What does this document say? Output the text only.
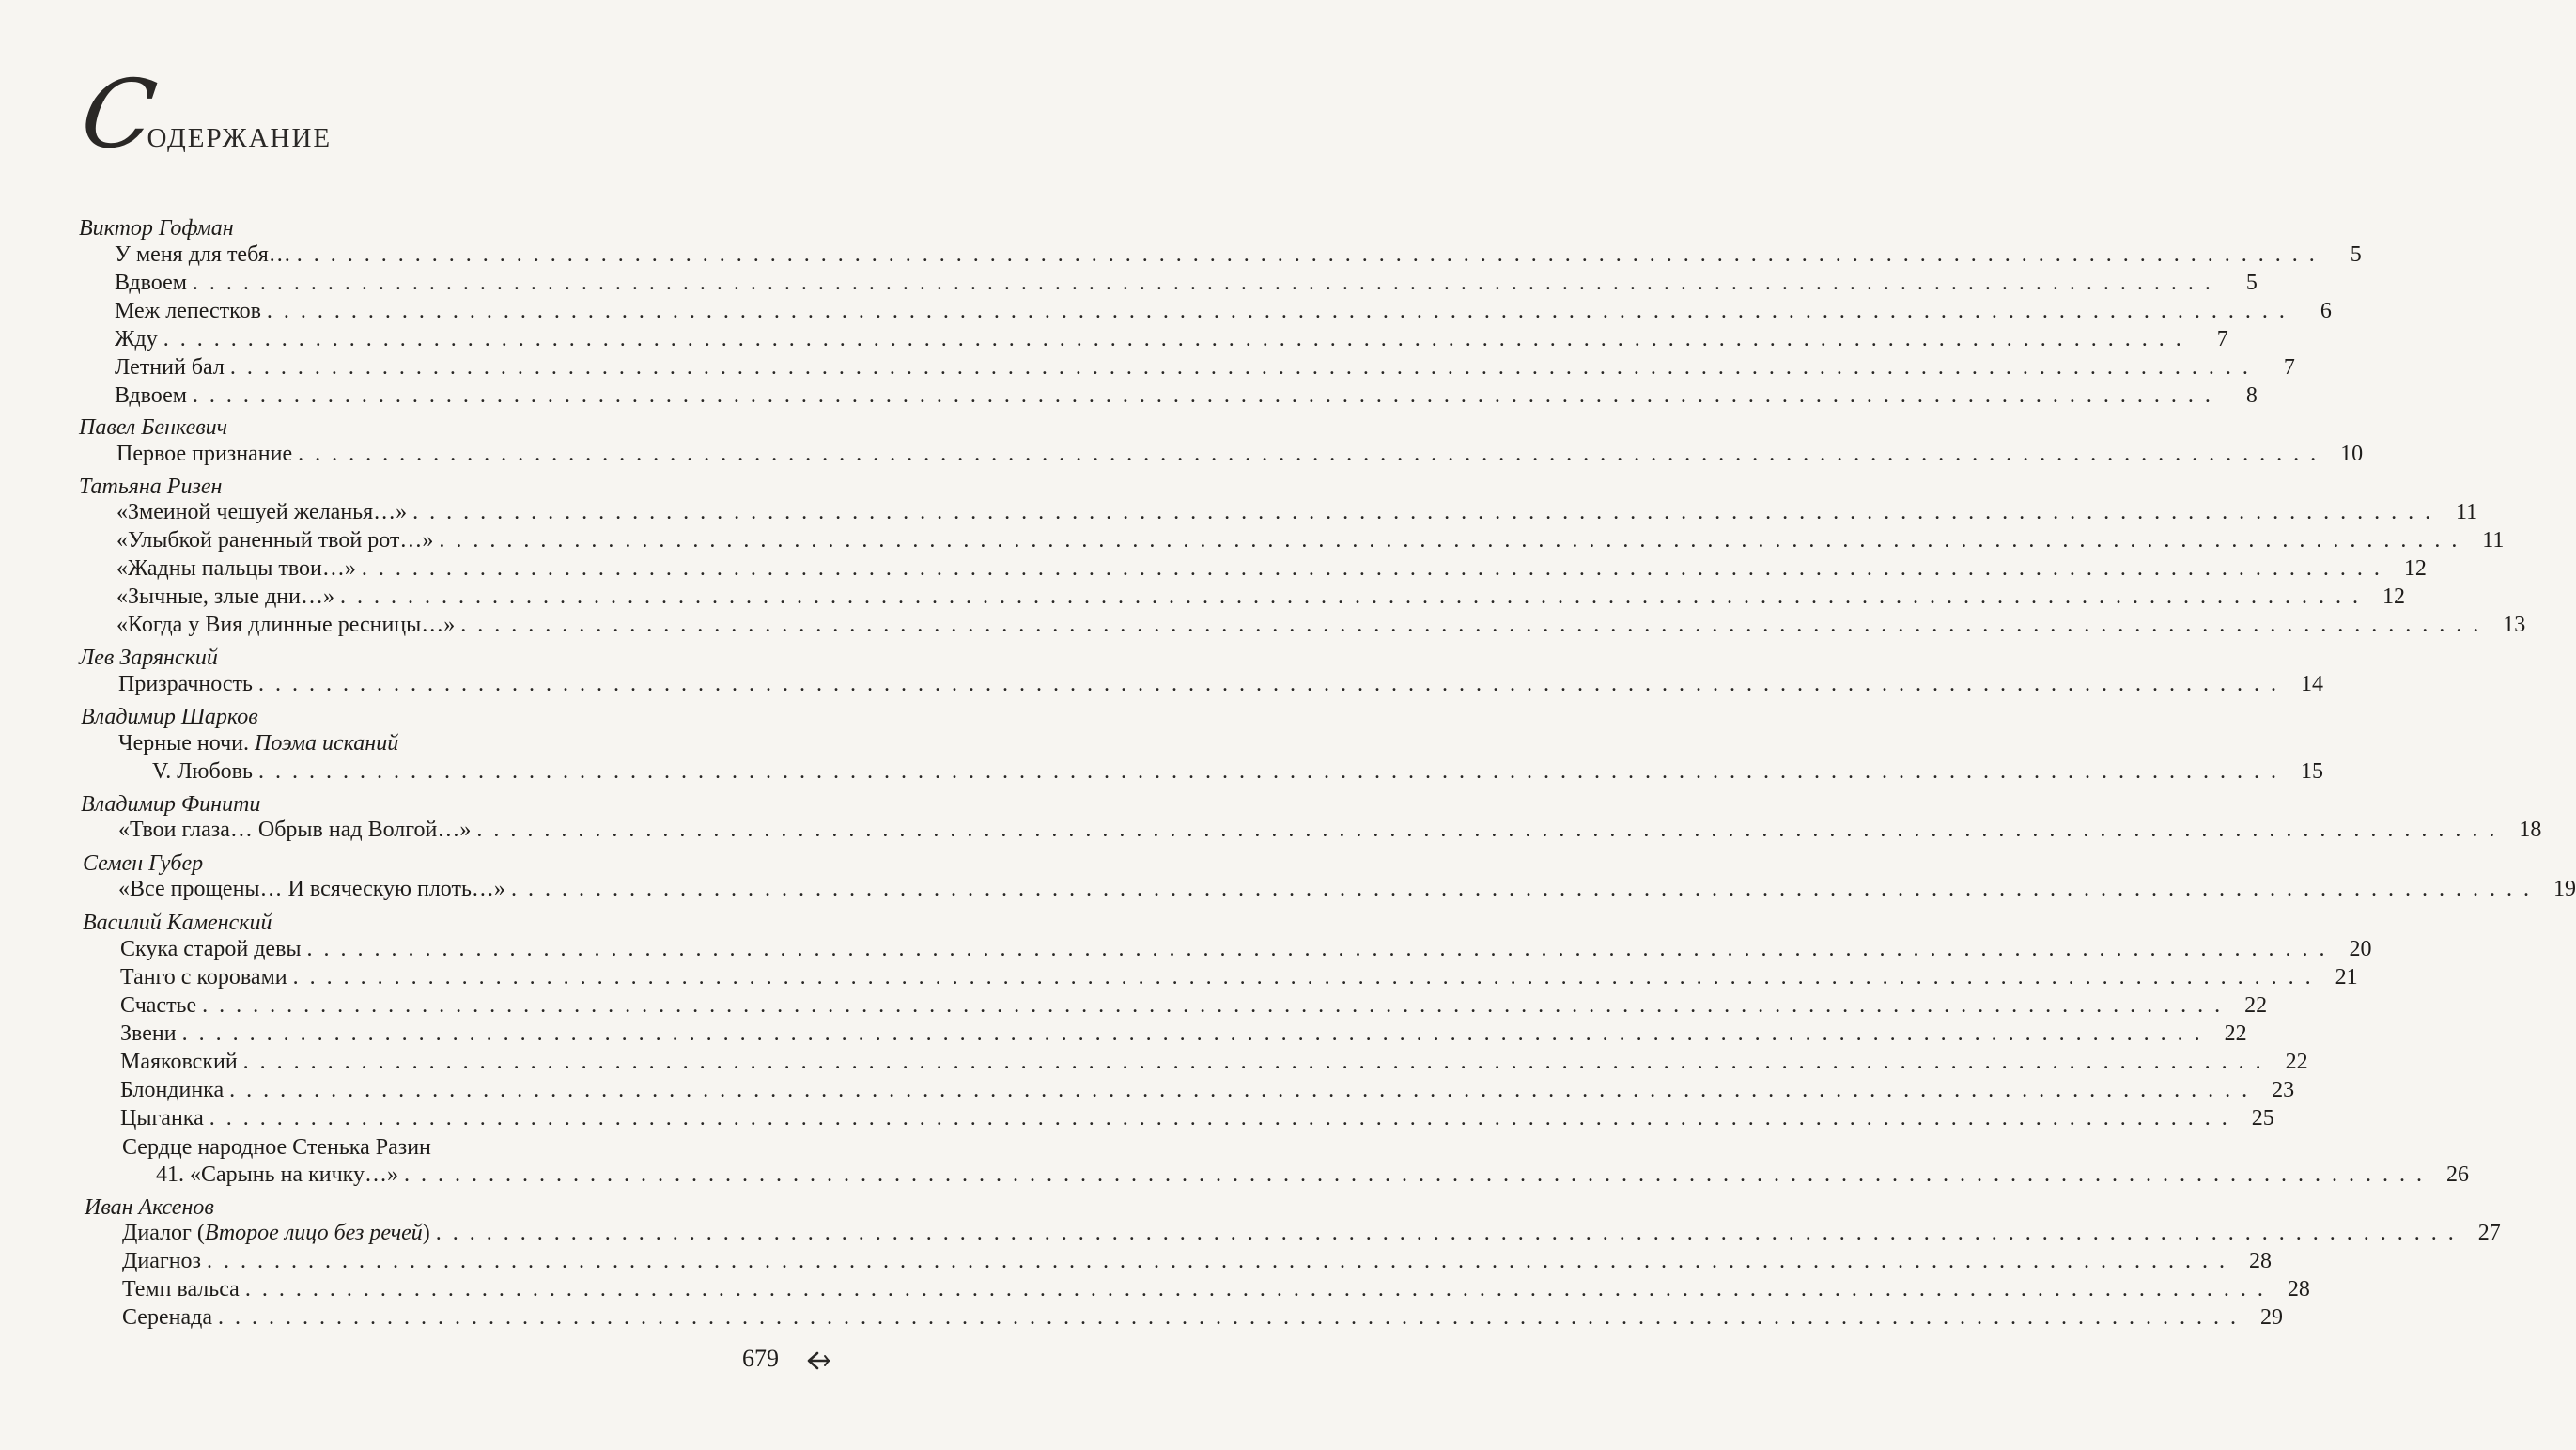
Содержание
Виктор Гофман
У меня для тебя… ........................................................................................................................	5
Вдвоем ........................................................................................................................	5
Меж лепестков ........................................................................................................................	6
Жду ........................................................................................................................	7
Летний бал ........................................................................................................................	7
Вдвоем ........................................................................................................................	8
Павел Бенкевич
Первое признание ........................................................................................................................ 10
Татьяна Ризен
«Змеиной чешуей желанья…» ........................................................................................................................ 11
«Улыбкой раненный твой рот…» ........................................................................................................................ 11
«Жадны пальцы твои…» ........................................................................................................................ 12
«Зычные, злые дни…» ........................................................................................................................ 12
«Когда у Вия длинные ресницы…» ........................................................................................................................ 13
Лев Зарянский
Призрачность ........................................................................................................................ 14
Владимир Шарков
Черные ночи. Поэма исканий
V. Любовь ........................................................................................................................ 15
Владимир Финити
«Твои глаза… Обрыв над Волгой…» ........................................................................................................................ 18
Семен Губер
«Все прощены… И всяческую плоть…» ........................................................................................................................ 19
Василий Каменский
Скука старой девы ........................................................................................................................ 20
Танго с коровами ........................................................................................................................ 21
Счастье ........................................................................................................................ 22
Звени ........................................................................................................................ 22
Маяковский ........................................................................................................................ 22
Блондинка ........................................................................................................................ 23
Цыганка ........................................................................................................................ 25
Сердце народное Стенька Разин
41. «Сарынь на кичку…» ........................................................................................................................ 26
Иван Аксенов
Диалог (Второе лицо без речей) ........................................................................................................................ 27
Диагноз ........................................................................................................................ 28
Темп вальса ........................................................................................................................ 28
Серенада ........................................................................................................................ 29
679
